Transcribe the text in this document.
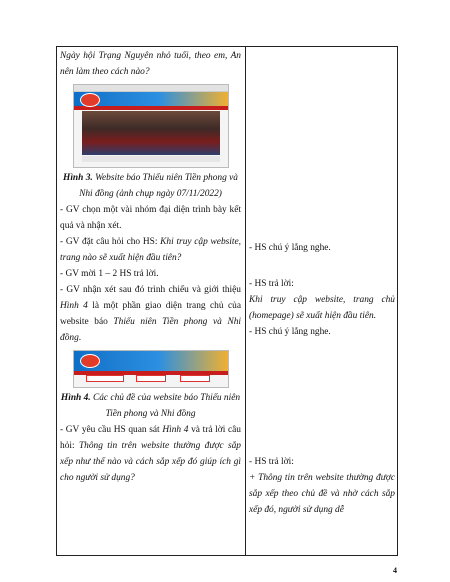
Ngày hội Trạng Nguyên nhỏ tuổi, theo em, An nên làm theo cách nào?

Hình 3. Website báo Thiếu niên Tiền phong và Nhi đồng (ảnh chụp ngày 07/11/2022)

- GV chọn một vài nhóm đại diện trình bày kết quả và nhận xét.

- GV đặt câu hỏi cho HS: Khi truy cập website, trang nào sẽ xuất hiện đầu tiên?

- GV mời 1 – 2 HS trả lời.

- GV nhận xét sau đó trình chiếu và giới thiệu Hình 4 là một phần giao diện trang chủ của website báo Thiếu niên Tiền phong và Nhi đồng.

Hình 4. Các chủ đề của website báo Thiếu niên Tiền phong và Nhi đồng

- GV yêu cầu HS quan sát Hình 4 và trả lời câu hỏi: Thông tin trên website thường được sắp xếp như thế nào và cách sắp xếp đó giúp ích gì cho người sử dụng?

- HS chú ý lắng nghe.

- HS trả lời:

Khi truy cập website, trang chủ (homepage) sẽ xuất hiện đầu tiên.

- HS chú ý lắng nghe.

- HS trả lời:

+ Thông tin trên website thường được sắp xếp theo chủ đề và nhờ cách sắp xếp đó, người sử dụng dễ

4
